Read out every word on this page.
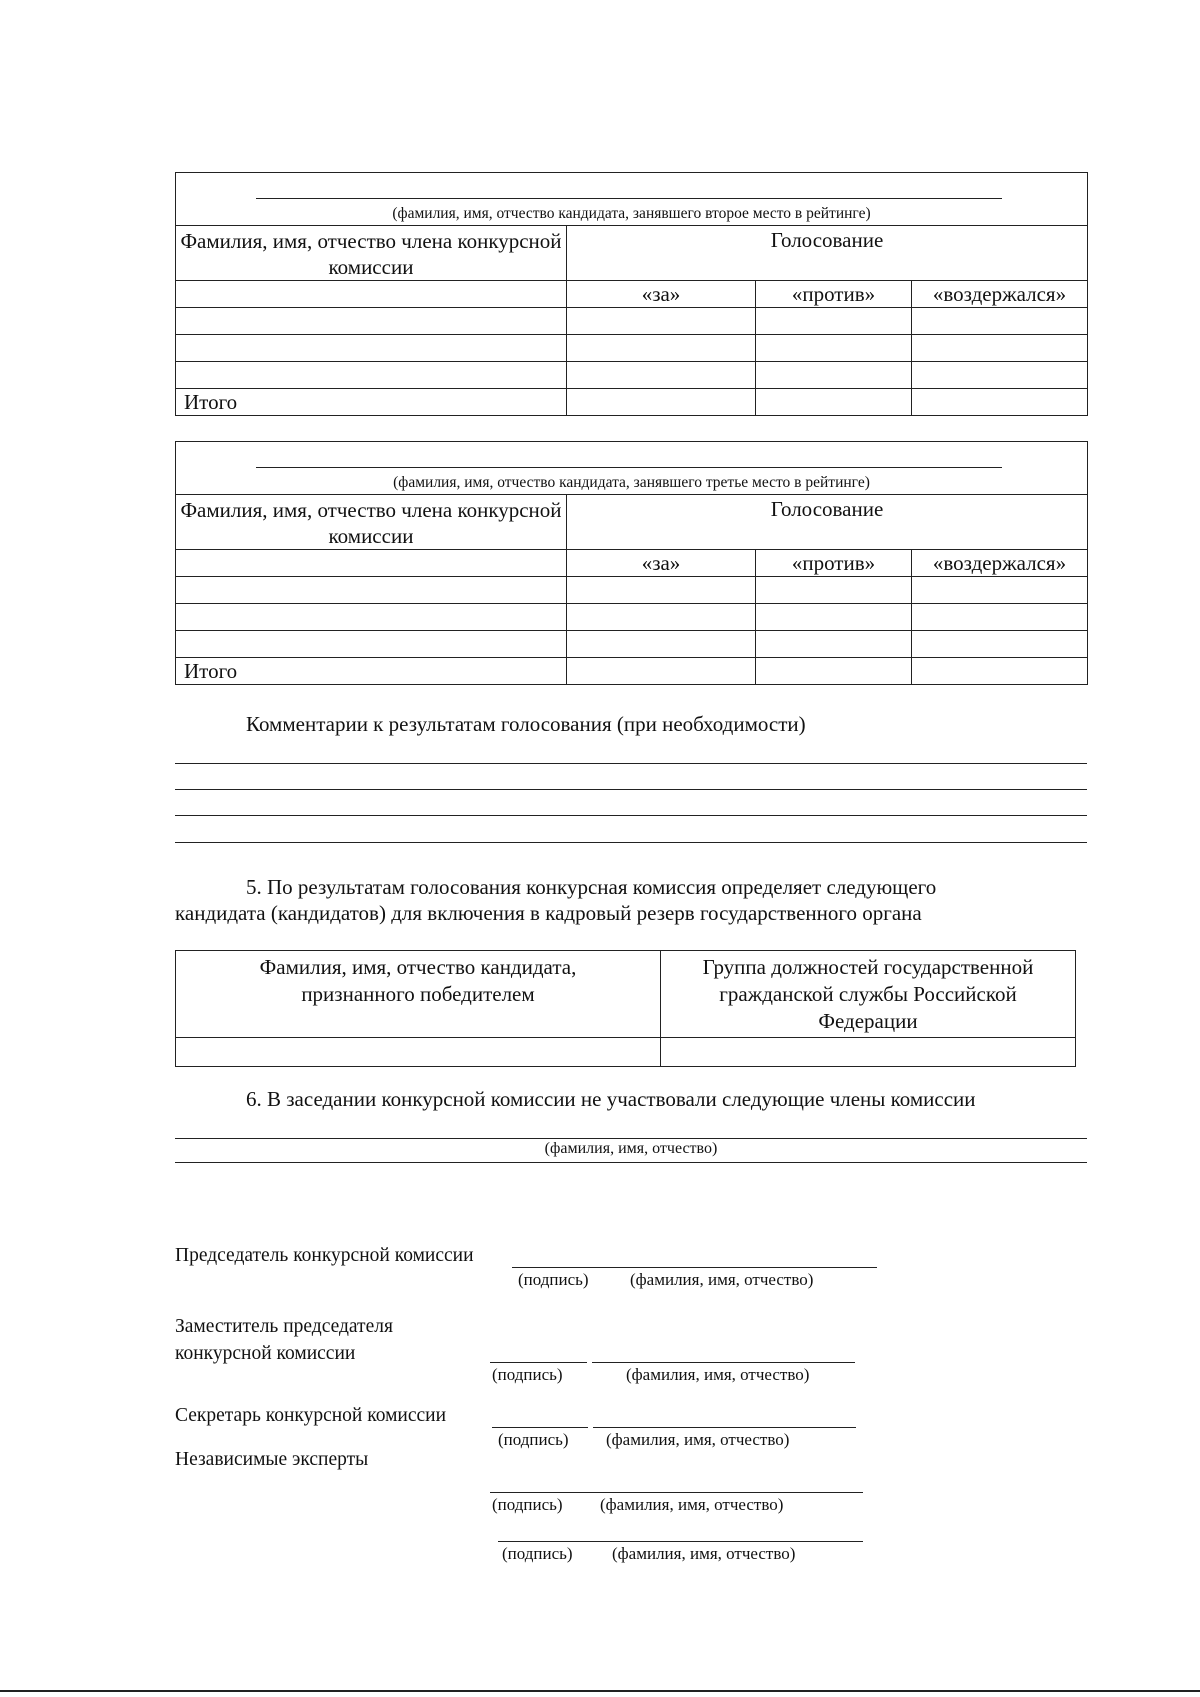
(фамилия, имя, отчество кандидата, занявшего второе место в рейтинге)			

Фамилия, имя, отчество члена конкурсной комиссии	Голосование		
	«за»	«против»	«воздержался»

Итого			
(фамилия, имя, отчество кандидата, занявшего третье место в рейтинге)			

Фамилия, имя, отчество члена конкурсной комиссии	Голосование		
	«за»	«против»	«воздержался»

Итого			
Комментарии к результатам голосования (при необходимости)
5. По результатам голосования конкурсная комиссия определяет следующего
кандидата (кандидатов) для включения в кадровый резерв государственного органа
Фамилия, имя, отчество кандидата, признанного победителем	Группа должностей государственной гражданской службы Российской Федерации

6. В заседании конкурсной комиссии не участвовали следующие члены комиссии
(фамилия, имя, отчество)
Председатель конкурсной комиссии
(подпись) (фамилия, имя, отчество)
Заместитель председателя конкурсной комиссии
(подпись)	(фамилия, имя, отчество)
Секретарь конкурсной комиссии
(подпись) (фамилия, имя, отчество)
Независимые эксперты
(подпись) (фамилия, имя, отчество)
(подпись) (фамилия, имя, отчество)
